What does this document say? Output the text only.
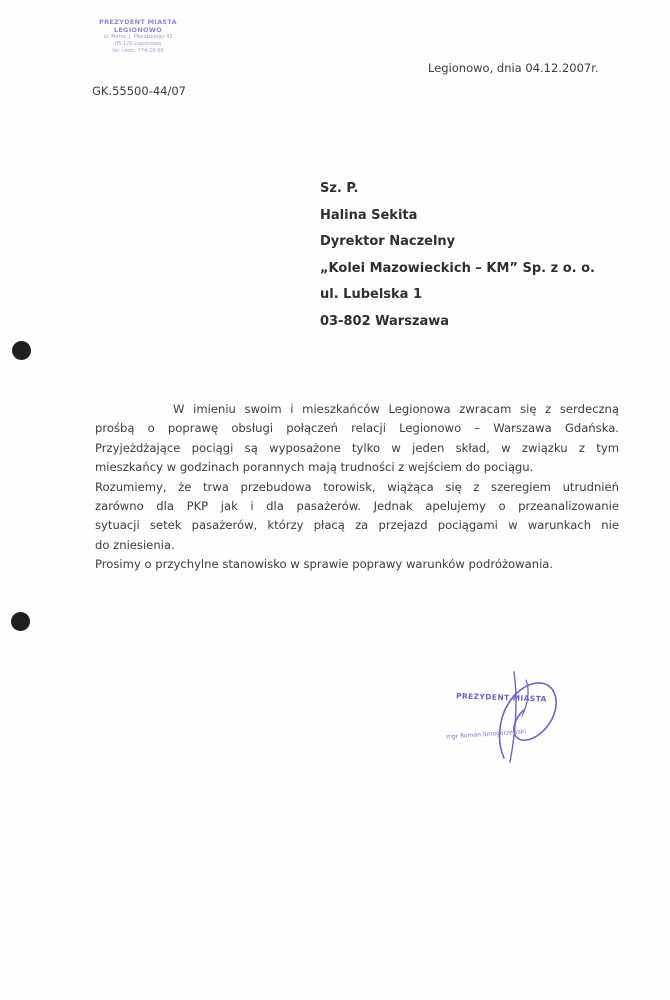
PREZYDENT MIASTA
LEGIONOWO
ul. Marsz. J. Piłsudskiego 41
05-120 Legionowo
tel. centr. 774-20-00
GK.55500-44/07
Legionowo, dnia 04.12.2007r.
Sz. P.
Halina Sekita
Dyrektor Naczelny
„Kolei Mazowieckich – KM” Sp. z o. o.
ul. Lubelska 1
03-802 Warszawa
W imieniu swoim i mieszkańców Legionowa zwracam się z serdeczną
prośbą o poprawę obsługi połączeń relacji Legionowo – Warszawa Gdańska.
Przyjeżdżające pociągi są wyposażone tylko w jeden skład, w związku z tym
mieszkańcy w godzinach porannych mają trudności z wejściem do pociągu.
Rozumiemy, że trwa przebudowa torowisk, wiążąca się z szeregiem utrudnień
zarówno dla PKP jak i dla pasażerów. Jednak apelujemy o przeanalizowanie
sytuacji setek pasażerów, którzy płacą za przejazd pociągami w warunkach nie
do zniesienia.
Prosimy o przychylne stanowisko w sprawie poprawy warunków podróżowania.
PREZYDENT MIASTA
mgr Roman Smogorzewski
